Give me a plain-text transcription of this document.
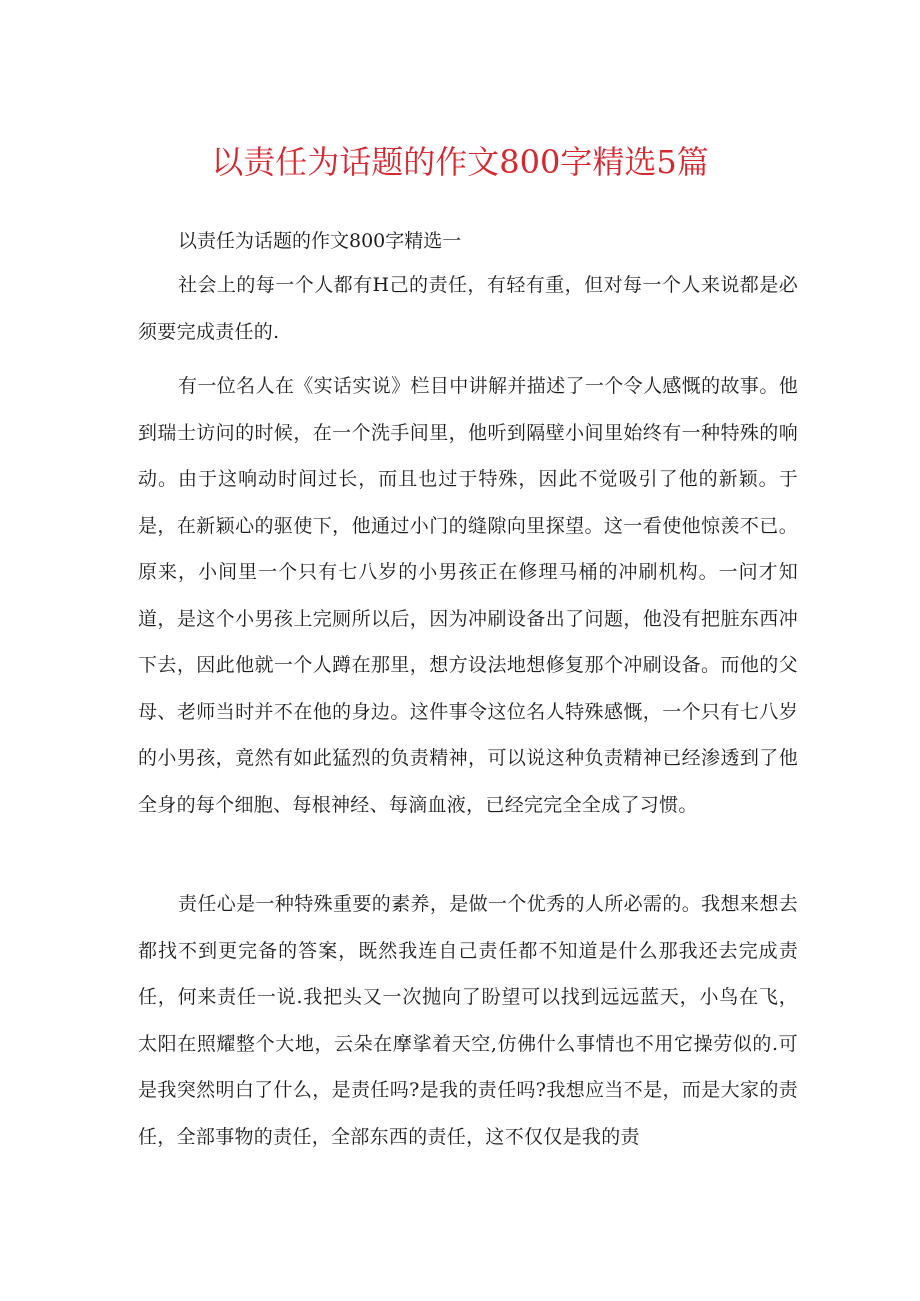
以责任为话题的作文800字精选5篇

以责任为话题的作文800字精选一

社会上的每一个人都有H己的责任，有轻有重，但对每一个人来说都是必须要完成责任的.

有一位名人在《实话实说》栏目中讲解并描述了一个令人感慨的故事。他到瑞士访问的时候，在一个洗手间里，他听到隔壁小间里始终有一种特殊的响动。由于这响动时间过长，而且也过于特殊，因此不觉吸引了他的新颖。于是，在新颖心的驱使下，他通过小门的缝隙向里探望。这一看使他惊羡不已。原来，小间里一个只有七八岁的小男孩正在修理马桶的冲刷机构。一问才知道，是这个小男孩上完厕所以后，因为冲刷设备出了问题，他没有把脏东西冲下去，因此他就一个人蹲在那里，想方设法地想修复那个冲刷设备。而他的父母、老师当时并不在他的身边。这件事令这位名人特殊感慨，一个只有七八岁的小男孩，竟然有如此猛烈的负责精神，可以说这种负责精神已经渗透到了他全身的每个细胞、每根神经、每滴血液，已经完完全全成了习惯。

责任心是一种特殊重要的素养，是做一个优秀的人所必需的。我想来想去都找不到更完备的答案，既然我连自己责任都不知道是什么那我还去完成责任，何来责任一说.我把头又一次抛向了盼望可以找到远远蓝天，小鸟在飞，太阳在照耀整个大地，云朵在摩挲着天空,仿佛什么事情也不用它操劳似的.可是我突然明白了什么，是责任吗?是我的责任吗?我想应当不是，而是大家的责任，全部事物的责任，全部东西的责任，这不仅仅是我的责
